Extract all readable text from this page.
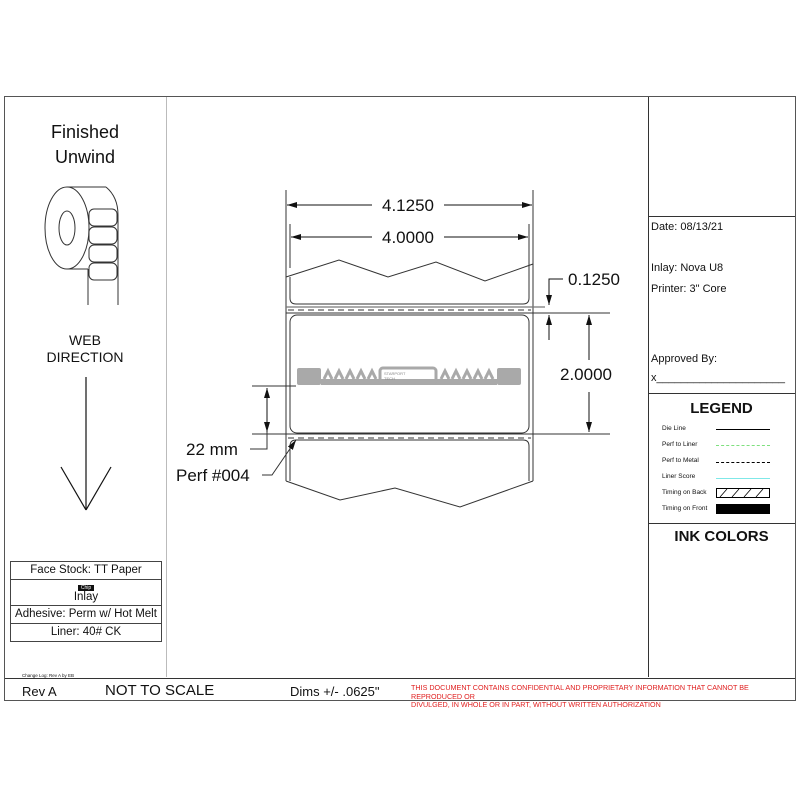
Finished
Unwind
WEB
DIRECTION
Face Stock: TT Paper
Chip
Inlay
Adhesive: Perm w/ Hot Melt
Liner: 40# CK
Change Log: Rev A by EB
STARPORT
TECH
4.1250
4.0000
0.1250
2.0000
22 mm
Perf #004
Date: 08/13/21
Inlay: Nova U8
Printer: 3" Core
Approved By:
x_____________________
LEGEND
Die Line
Perf to Liner
Perf to Metal
Liner Score
Timing on Back
Timing on Front
INK COLORS
Rev A	NOT TO SCALE	Dims +/- .0625"	THIS DOCUMENT CONTAINS CONFIDENTIAL AND PROPRIETARY INFORMATION THAT CANNOT BE REPRODUCED OR
DIVULGED, IN WHOLE OR IN PART, WITHOUT WRITTEN AUTHORIZATION
